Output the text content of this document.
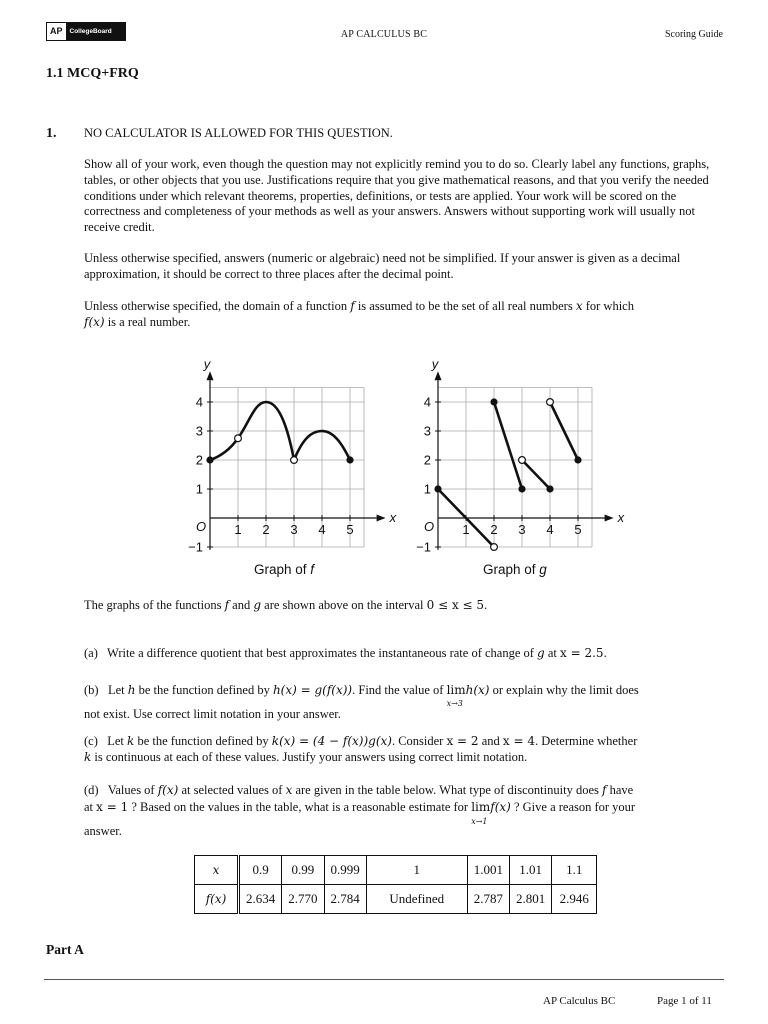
AP	CollegeBoard	AP CALCULUS BC	Scoring Guide
1.1 MCQ+FRQ
1. NO CALCULATOR IS ALLOWED FOR THIS QUESTION.
Show all of your work, even though the question may not explicitly remind you to do so. Clearly label any functions, graphs, tables, or other objects that you use. Justifications require that you give mathematical reasons, and that you verify the needed conditions under which relevant theorems, properties, definitions, or tests are applied. Your work will be scored on the correctness and completeness of your methods as well as your answers. Answers without supporting work will usually not receive credit.
Unless otherwise specified, answers (numeric or algebraic) need not be simplified. If your answer is given as a decimal approximation, it should be correct to three places after the decimal point.
Unless otherwise specified, the domain of a function f is assumed to be the set of all real numbers x for which
f(x) is a real number.
y
x
O 1 2 3 4 5
4
3
2
1
−1
Graph of f
y
x
O 1 2 3 4 5
4
3
2
1
−1
Graph of g
The graphs of the functions f and g are shown above on the interval 0 ≤ x ≤ 5.
(a) Write a difference quotient that best approximates the instantaneous rate of change of g at x = 2.5.
(b) Let h be the function defined by h(x) = g(f(x)). Find the value of lim
x→3
h(x) or explain why the limit does
not exist. Use correct limit notation in your answer.
(c) Let k be the function defined by k(x) = (4 − f(x))g(x). Consider x = 2 and x = 4. Determine whether
k is continuous at each of these values. Justify your answers using correct limit notation.
(d) Values of f(x) at selected values of x are given in the table below. What type of discontinuity does f have
at x = 1 ? Based on the values in the table, what is a reasonable estimate for lim
x→1
f(x) ? Give a reason for your

answer.
x	0.9	0.99	0.999	1	1.001	1.01	1.1
f(x)	2.634	2.770	2.784	Undefined	2.787	2.801	2.946
Part A
AP Calculus BC	Page 1 of 11
